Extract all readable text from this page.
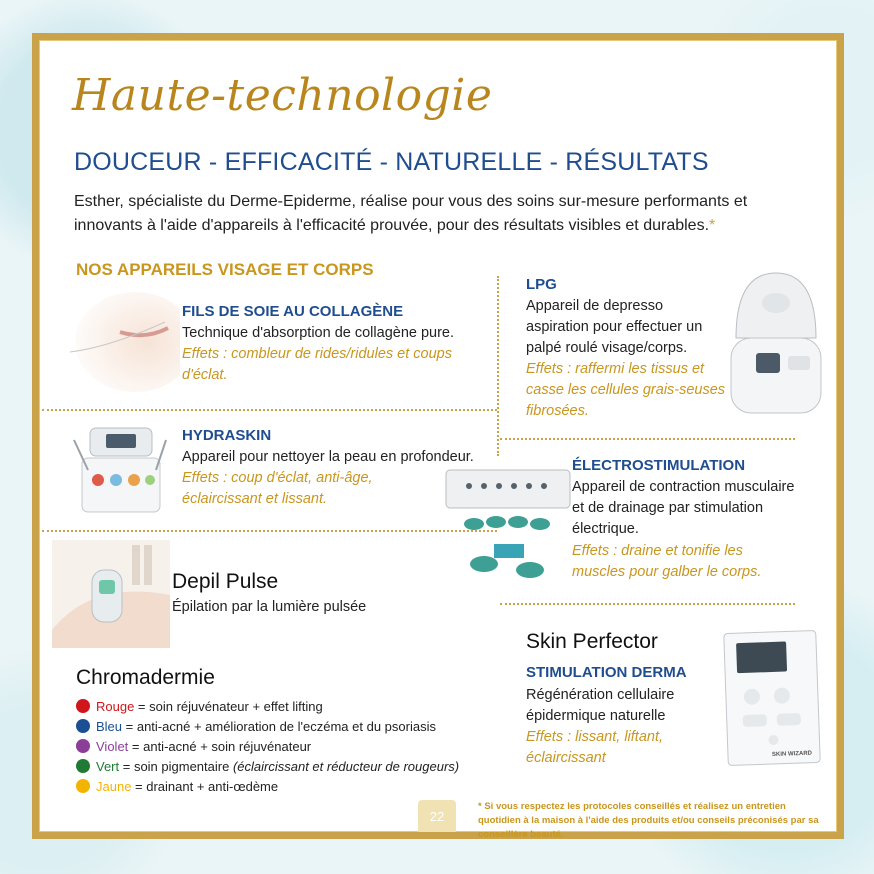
Haute-technologie
DOUCEUR - EFFICACITÉ - NATURELLE - RÉSULTATS
Esther, spécialiste du Derme-Epiderme, réalise pour vous des soins sur-mesure performants et innovants à l'aide d'appareils à l'efficacité prouvée, pour des résultats visibles et durables.*
NOS APPAREILS VISAGE ET CORPS
FILS DE SOIE AU COLLAGÈNE
Technique d'absorption de collagène pure.
Effets : combleur de rides/ridules et coups d'éclat.
HYDRASKIN
Appareil pour nettoyer la peau en profondeur.
Effets : coup d'éclat, anti-âge, éclaircissant et lissant.
Depil Pulse
Épilation par la lumière pulsée
LPG
Appareil de depresso aspiration pour effectuer un palpé roulé visage/corps.
Effets : raffermi les tissus et casse les cellules grais-seuses fibrosées.
ÉLECTROSTIMULATION
Appareil de contraction musculaire et de drainage par stimulation électrique.
Effets : draine et tonifie les muscles pour galber le corps.
Skin Perfector
STIMULATION DERMA
Régénération cellulaire épidermique naturelle
Effets : lissant, liftant, éclaircissant	SKIN WIZARD
Chromadermie
Rouge = soin réjuvénateur + effet lifting
Bleu = anti-acné + amélioration de l'eczéma et du psoriasis
Violet = anti-acné + soin réjuvénateur
Vert = soin pigmentaire (éclaircissant et réducteur de rougeurs)
Jaune = drainant + anti-œdème
22
* Si vous respectez les protocoles conseillés et réalisez un entretien quotidien à la maison à l'aide des produits et/ou conseils préconisés par sa conseillère beauté.
